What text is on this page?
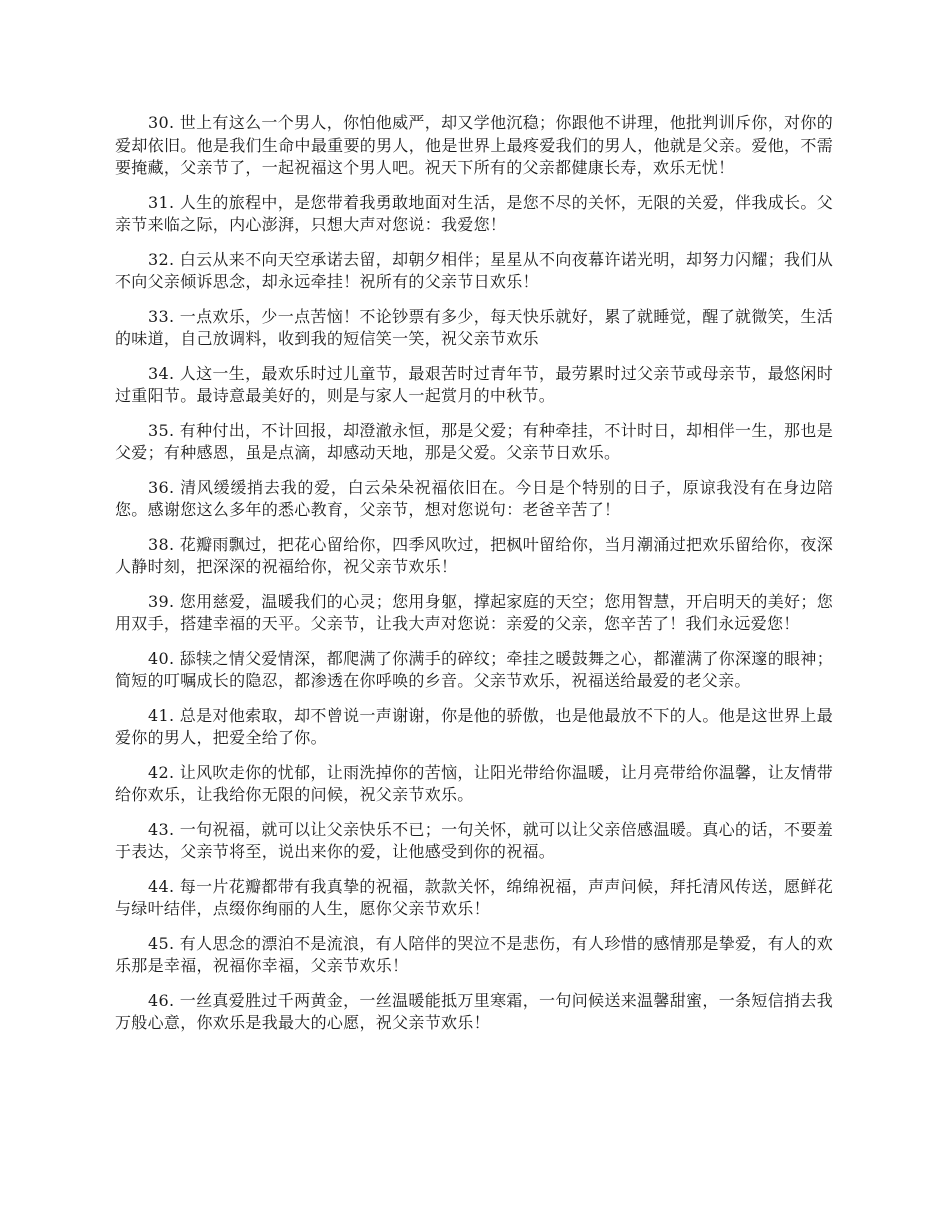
30. 世上有这么一个男人，你怕他威严，却又学他沉稳；你跟他不讲理，他批判训斥你，对你的爱却依旧。他是我们生命中最重要的男人，他是世界上最疼爱我们的男人，他就是父亲。爱他，不需要掩藏，父亲节了，一起祝福这个男人吧。祝天下所有的父亲都健康长寿，欢乐无忧！

31. 人生的旅程中，是您带着我勇敢地面对生活，是您不尽的关怀，无限的关爱，伴我成长。父亲节来临之际，内心澎湃，只想大声对您说：我爱您！

32. 白云从来不向天空承诺去留，却朝夕相伴；星星从不向夜幕许诺光明，却努力闪耀；我们从不向父亲倾诉思念，却永远牵挂！祝所有的父亲节日欢乐！

33. 一点欢乐，少一点苦恼！不论钞票有多少，每天快乐就好，累了就睡觉，醒了就微笑，生活的味道，自己放调料，收到我的短信笑一笑，祝父亲节欢乐

34. 人这一生，最欢乐时过儿童节，最艰苦时过青年节，最劳累时过父亲节或母亲节，最悠闲时过重阳节。最诗意最美好的，则是与家人一起赏月的中秋节。

35. 有种付出，不计回报，却澄澈永恒，那是父爱；有种牵挂，不计时日，却相伴一生，那也是父爱；有种感恩，虽是点滴，却感动天地，那是父爱。父亲节日欢乐。

36. 清风缓缓捎去我的爱，白云朵朵祝福依旧在。今日是个特别的日子，原谅我没有在身边陪您。感谢您这么多年的悉心教育，父亲节，想对您说句：老爸辛苦了！

38. 花瓣雨飘过，把花心留给你，四季风吹过，把枫叶留给你，当月潮涌过把欢乐留给你，夜深人静时刻，把深深的祝福给你，祝父亲节欢乐！

39. 您用慈爱，温暖我们的心灵；您用身躯，撑起家庭的天空；您用智慧，开启明天的美好；您用双手，搭建幸福的天平。父亲节，让我大声对您说：亲爱的父亲，您辛苦了！我们永远爱您！

40. 舔犊之情父爱情深，都爬满了你满手的碎纹；牵挂之暖鼓舞之心，都灌满了你深邃的眼神；简短的叮嘱成长的隐忍，都渗透在你呼唤的乡音。父亲节欢乐，祝福送给最爱的老父亲。

41. 总是对他索取，却不曾说一声谢谢，你是他的骄傲，也是他最放不下的人。他是这世界上最爱你的男人，把爱全给了你。

42. 让风吹走你的忧郁，让雨洗掉你的苦恼，让阳光带给你温暖，让月亮带给你温馨，让友情带给你欢乐，让我给你无限的问候，祝父亲节欢乐。

43. 一句祝福，就可以让父亲快乐不已；一句关怀，就可以让父亲倍感温暖。真心的话，不要羞于表达，父亲节将至，说出来你的爱，让他感受到你的祝福。

44. 每一片花瓣都带有我真挚的祝福，款款关怀，绵绵祝福，声声问候，拜托清风传送，愿鲜花与绿叶结伴，点缀你绚丽的人生，愿你父亲节欢乐！

45. 有人思念的漂泊不是流浪，有人陪伴的哭泣不是悲伤，有人珍惜的感情那是挚爱，有人的欢乐那是幸福，祝福你幸福，父亲节欢乐！

46. 一丝真爱胜过千两黄金，一丝温暖能抵万里寒霜，一句问候送来温馨甜蜜，一条短信捎去我万般心意，你欢乐是我最大的心愿，祝父亲节欢乐！
